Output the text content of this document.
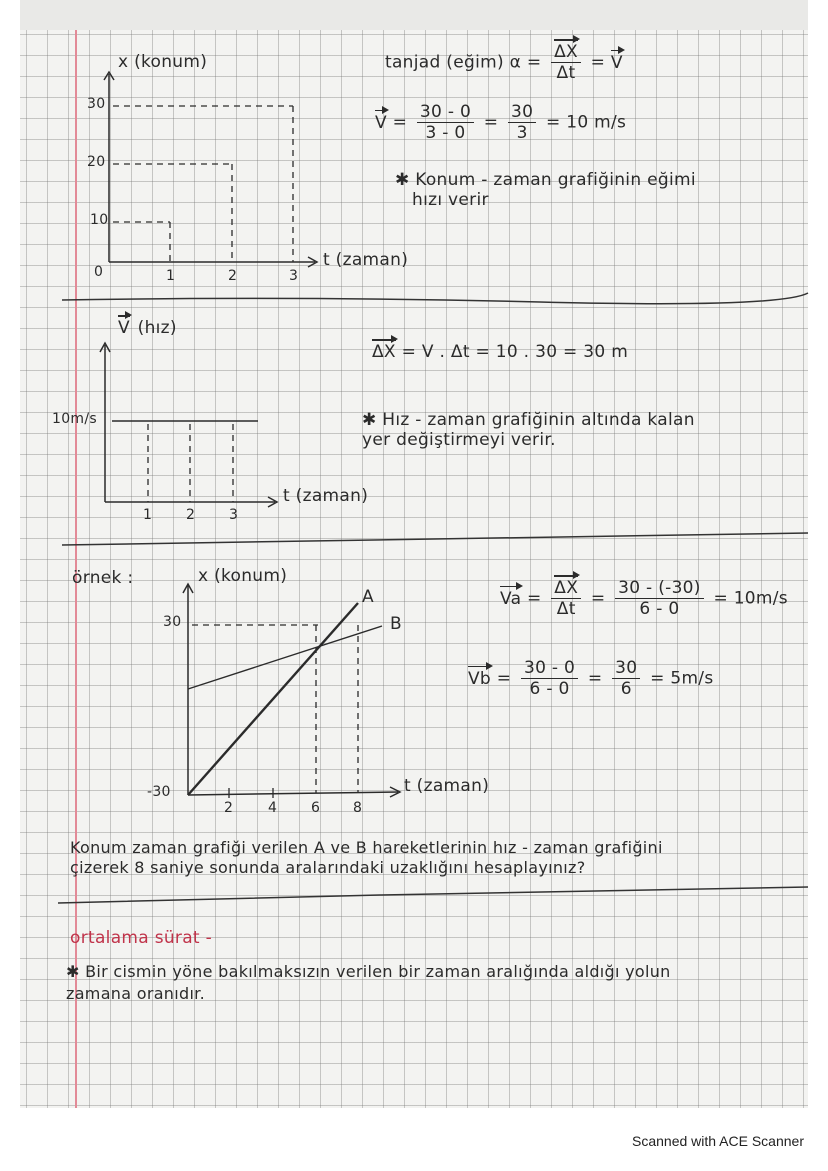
x (konum)
t (zaman)
0
30
20
10
1	2	3
tanjad (eğim) $\alpha = \frac{\Delta X}{\Delta t} = V$
$V = \frac{30 - 0}{3 - 0} = \frac{30}{3} = 10$ m/s
✱ Konum - zaman grafiğinin eğimi
hızı verir
V (hız)
t (zaman)
10m/s
1 2 3
ΔX = V . Δt = 10 . 30 = 30 m
✱ Hız - zaman grafiğinin altında kalan
yer değiştirmeyi verir.
örnek :	x (konum)
t (zaman)
30
-30
2 4 6 8
A
B
$Va = \frac{\Delta X}{\Delta t} = \frac{30 - (-30)}{6 - 0} = 10m/s$
$Vb = \frac{30 - 0}{6 - 0} = \frac{30}{6} = 5m/s$
Konum zaman grafiği verilen A ve B hareketlerinin hız - zaman grafiğini
çizerek 8 saniye sonunda aralarındaki uzaklığını hesaplayınız?
ortalama sürat -
✱ Bir cismin yöne bakılmaksızın verilen bir zaman aralığında aldığı yolun
zamana oranıdır.
Scanned with ACE Scanner
